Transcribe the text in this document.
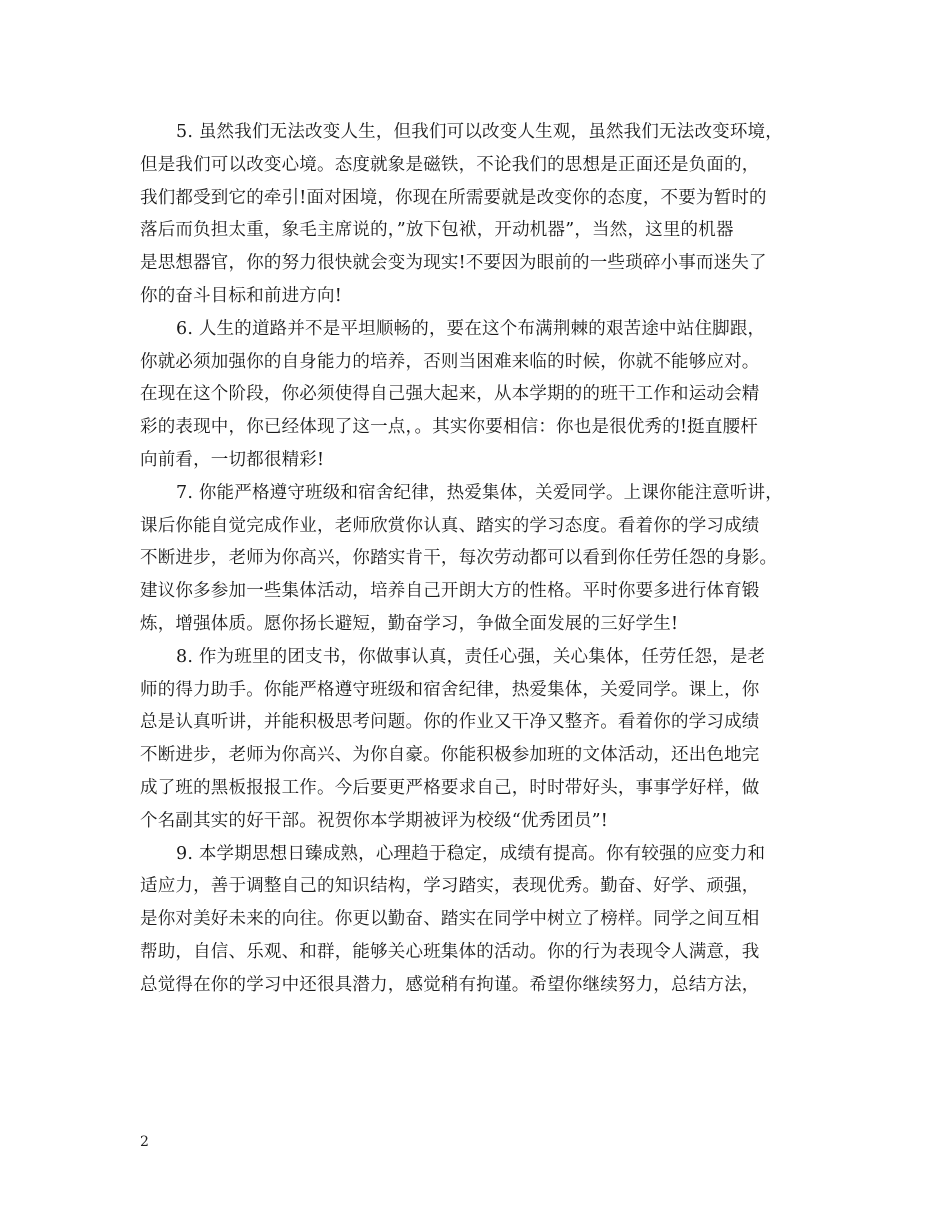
5. 虽然我们无法改变人生，但我们可以改变人生观，虽然我们无法改变环境，
但是我们可以改变心境。态度就象是磁铁，不论我们的思想是正面还是负面的，
我们都受到它的牵引!面对困境，你现在所需要就是改变你的态度，不要为暂时的
落后而负担太重，象毛主席说的，”放下包袱，开动机器”，当然，这里的机器
是思想器官，你的努力很快就会变为现实!不要因为眼前的一些琐碎小事而迷失了
你的奋斗目标和前进方向!
6. 人生的道路并不是平坦顺畅的，要在这个布满荆棘的艰苦途中站住脚跟，
你就必须加强你的自身能力的培养，否则当困难来临的时候，你就不能够应对。
在现在这个阶段，你必须使得自己强大起来，从本学期的的班干工作和运动会精
彩的表现中，你已经体现了这一点，。其实你要相信：你也是很优秀的!挺直腰杆
向前看，一切都很精彩!
7. 你能严格遵守班级和宿舍纪律，热爱集体，关爱同学。上课你能注意听讲，
课后你能自觉完成作业，老师欣赏你认真、踏实的学习态度。看着你的学习成绩
不断进步，老师为你高兴，你踏实肯干，每次劳动都可以看到你任劳任怨的身影。
建议你多参加一些集体活动，培养自己开朗大方的性格。平时你要多进行体育锻
炼，增强体质。愿你扬长避短，勤奋学习，争做全面发展的三好学生!
8. 作为班里的团支书，你做事认真，责任心强，关心集体，任劳任怨，是老
师的得力助手。你能严格遵守班级和宿舍纪律，热爱集体，关爱同学。课上，你
总是认真听讲，并能积极思考问题。你的作业又干净又整齐。看着你的学习成绩
不断进步，老师为你高兴、为你自豪。你能积极参加班的文体活动，还出色地完
成了班的黑板报报工作。今后要更严格要求自己，时时带好头，事事学好样，做
个名副其实的好干部。祝贺你本学期被评为校级“优秀团员”!
9. 本学期思想日臻成熟，心理趋于稳定，成绩有提高。你有较强的应变力和
适应力，善于调整自己的知识结构，学习踏实，表现优秀。勤奋、好学、顽强，
是你对美好未来的向往。你更以勤奋、踏实在同学中树立了榜样。同学之间互相
帮助，自信、乐观、和群，能够关心班集体的活动。你的行为表现令人满意，我
总觉得在你的学习中还很具潜力，感觉稍有拘谨。希望你继续努力，总结方法，
2
